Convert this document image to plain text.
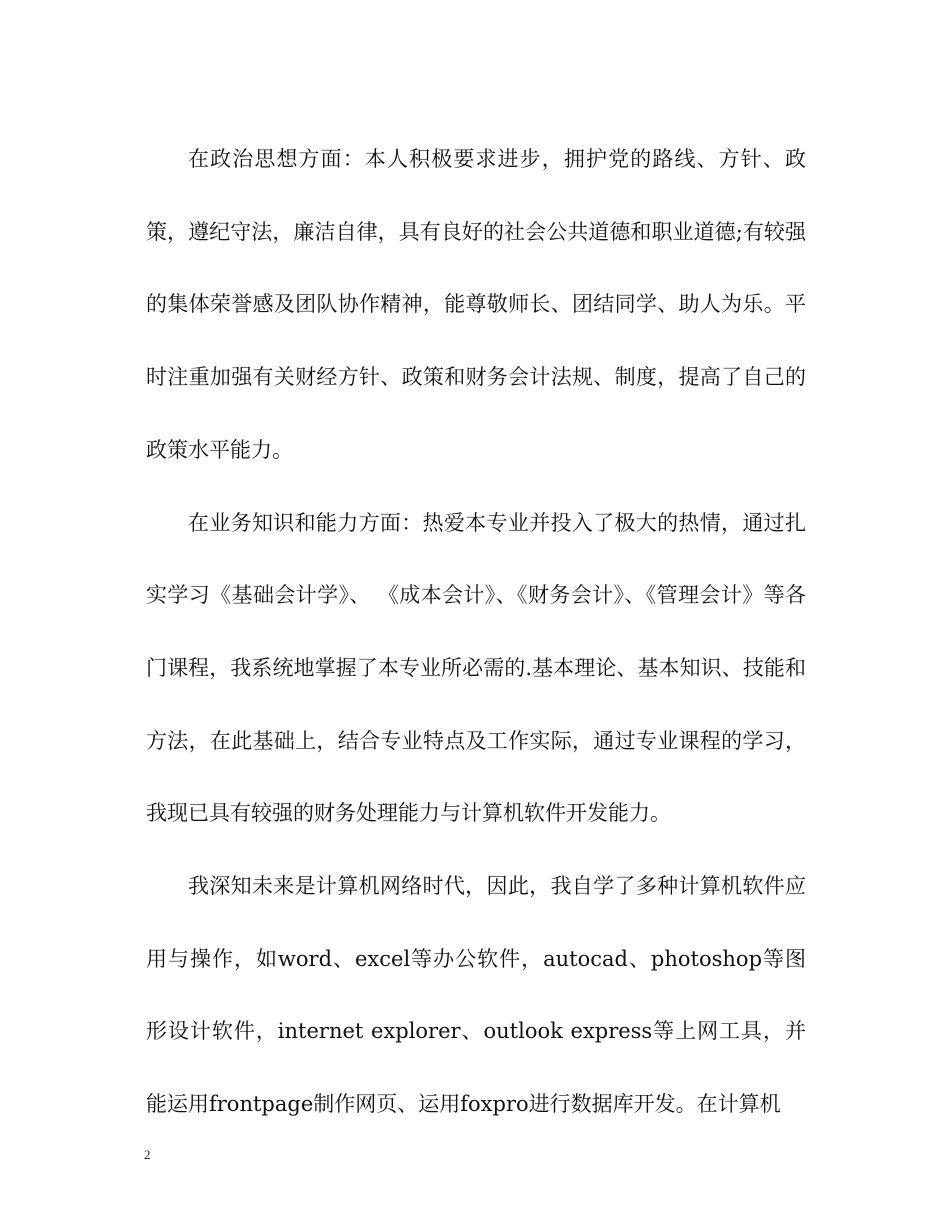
在政治思想方面：本人积极要求进步，拥护党的路线、方针、政策，遵纪守法，廉洁自律，具有良好的社会公共道德和职业道德;有较强的集体荣誉感及团队协作精神，能尊敬师长、团结同学、助人为乐。平时注重加强有关财经方针、政策和财务会计法规、制度，提高了自己的政策水平能力。

在业务知识和能力方面：热爱本专业并投入了极大的热情，通过扎实学习《基础会计学》、 《成本会计》、《财务会计》、《管理会计》等各门课程，我系统地掌握了本专业所必需的.基本理论、基本知识、技能和方法，在此基础上，结合专业特点及工作实际，通过专业课程的学习，我现已具有较强的财务处理能力与计算机软件开发能力。

我深知未来是计算机网络时代，因此，我自学了多种计算机软件应用与操作，如word、excel等办公软件，autocad、photoshop等图形设计软件，internet explorer、outlook express等上网工具，并能运用frontpage制作网页、运用foxpro进行数据库开发。在计算机

2
